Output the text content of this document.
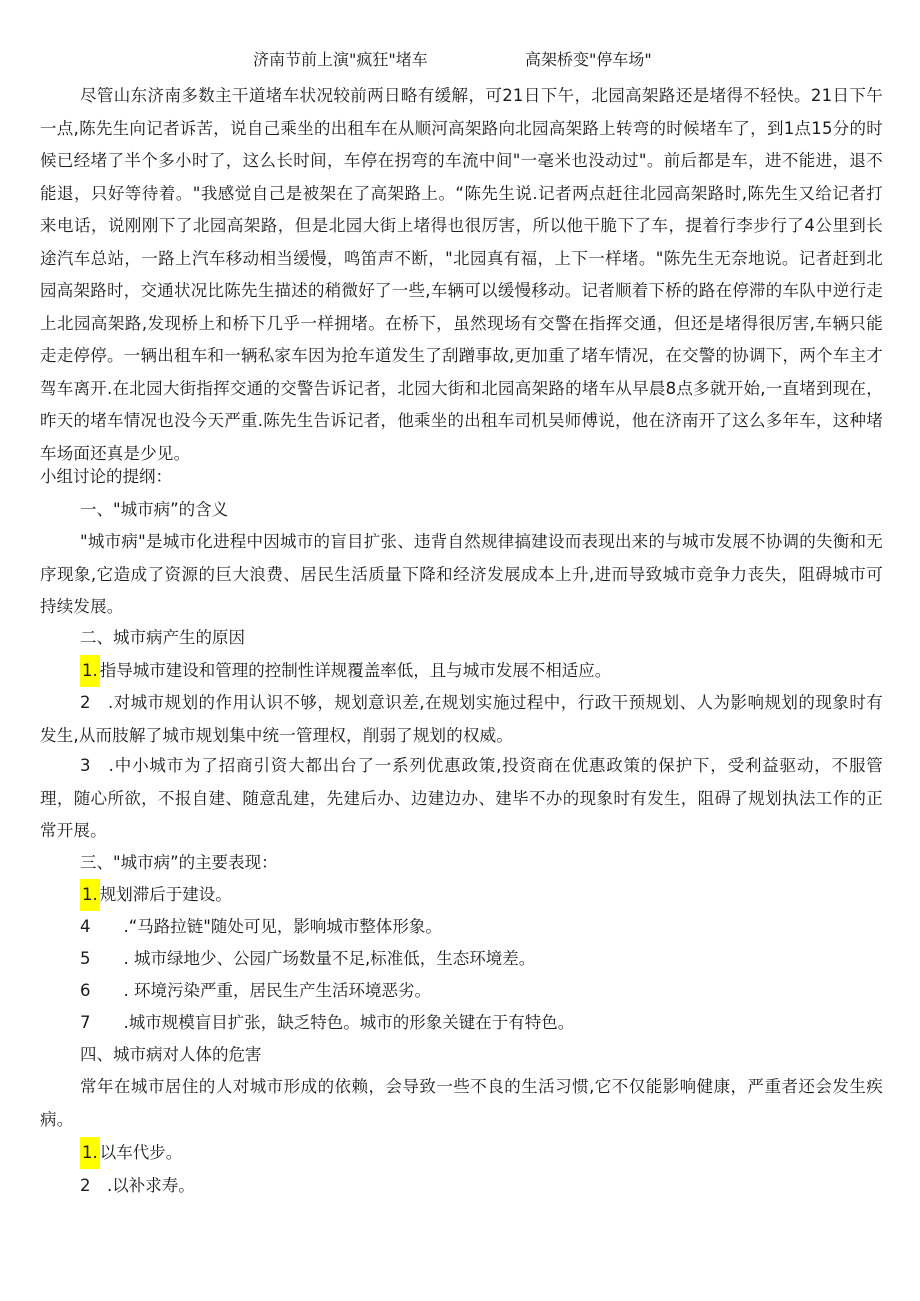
济南节前上演"疯狂"堵车	高架桥变"停车场"

尽管山东济南多数主干道堵车状况较前两日略有缓解，可21日下午，北园高架路还是堵得不轻快。21日下午一点,陈先生向记者诉苦，说自己乘坐的出租车在从顺河高架路向北园高架路上转弯的时候堵车了，到1点15分的时候已经堵了半个多小时了，这么长时间，车停在拐弯的车流中间"一毫米也没动过"。前后都是车，进不能进，退不能退，只好等待着。"我感觉自己是被架在了高架路上。“陈先生说.记者两点赶往北园高架路时,陈先生又给记者打来电话，说刚刚下了北园高架路，但是北园大街上堵得也很厉害，所以他干脆下了车，提着行李步行了4公里到长途汽车总站，一路上汽车移动相当缓慢，鸣笛声不断，"北园真有福，上下一样堵。"陈先生无奈地说。记者赶到北园高架路时，交通状况比陈先生描述的稍微好了一些,车辆可以缓慢移动。记者顺着下桥的路在停滞的车队中逆行走上北园高架路,发现桥上和桥下几乎一样拥堵。在桥下，虽然现场有交警在指挥交通，但还是堵得很厉害,车辆只能走走停停。一辆出租车和一辆私家车因为抢车道发生了刮蹭事故,更加重了堵车情况，在交警的协调下，两个车主才驾车离开.在北园大街指挥交通的交警告诉记者，北园大街和北园高架路的堵车从早晨8点多就开始,一直堵到现在，昨天的堵车情况也没今天严重.陈先生告诉记者，他乘坐的出租车司机吴师傅说，他在济南开了这么多年车，这种堵车场面还真是少见。

小组讨论的提纲：
一、"城市病”的含义

"城市病"是城市化进程中因城市的盲目扩张、违背自然规律搞建设而表现出来的与城市发展不协调的失衡和无序现象,它造成了资源的巨大浪费、居民生活质量下降和经济发展成本上升,进而导致城市竞争力丧失，阻碍城市可持续发展。

二、城市病产生的原因
1. 指导城市建设和管理的控制性详规覆盖率低，且与城市发展不相适应。

2　.对城市规划的作用认识不够，规划意识差,在规划实施过程中，行政干预规划、人为影响规划的现象时有发生,从而肢解了城市规划集中统一管理权，削弱了规划的权威。

3　.中小城市为了招商引资大都出台了一系列优惠政策,投资商在优惠政策的保护下，受利益驱动，不服管理，随心所欲，不报自建、随意乱建，先建后办、边建边办、建毕不办的现象时有发生，阻碍了规划执法工作的正常开展。

三、"城市病”的主要表现：
1. 规划滞后于建设。
4　　.“马路拉链"随处可见，影响城市整体形象。
5　　. 城市绿地少、公园广场数量不足,标准低，生态环境差。
6　　. 环境污染严重，居民生产生活环境恶劣。
7　　.城市规模盲目扩张，缺乏特色。城市的形象关键在于有特色。
四、城市病对人体的危害

常年在城市居住的人对城市形成的依赖，会导致一些不良的生活习惯,它不仅能影响健康，严重者还会发生疾病。

1. 以车代步。
2　.以补求寿。
